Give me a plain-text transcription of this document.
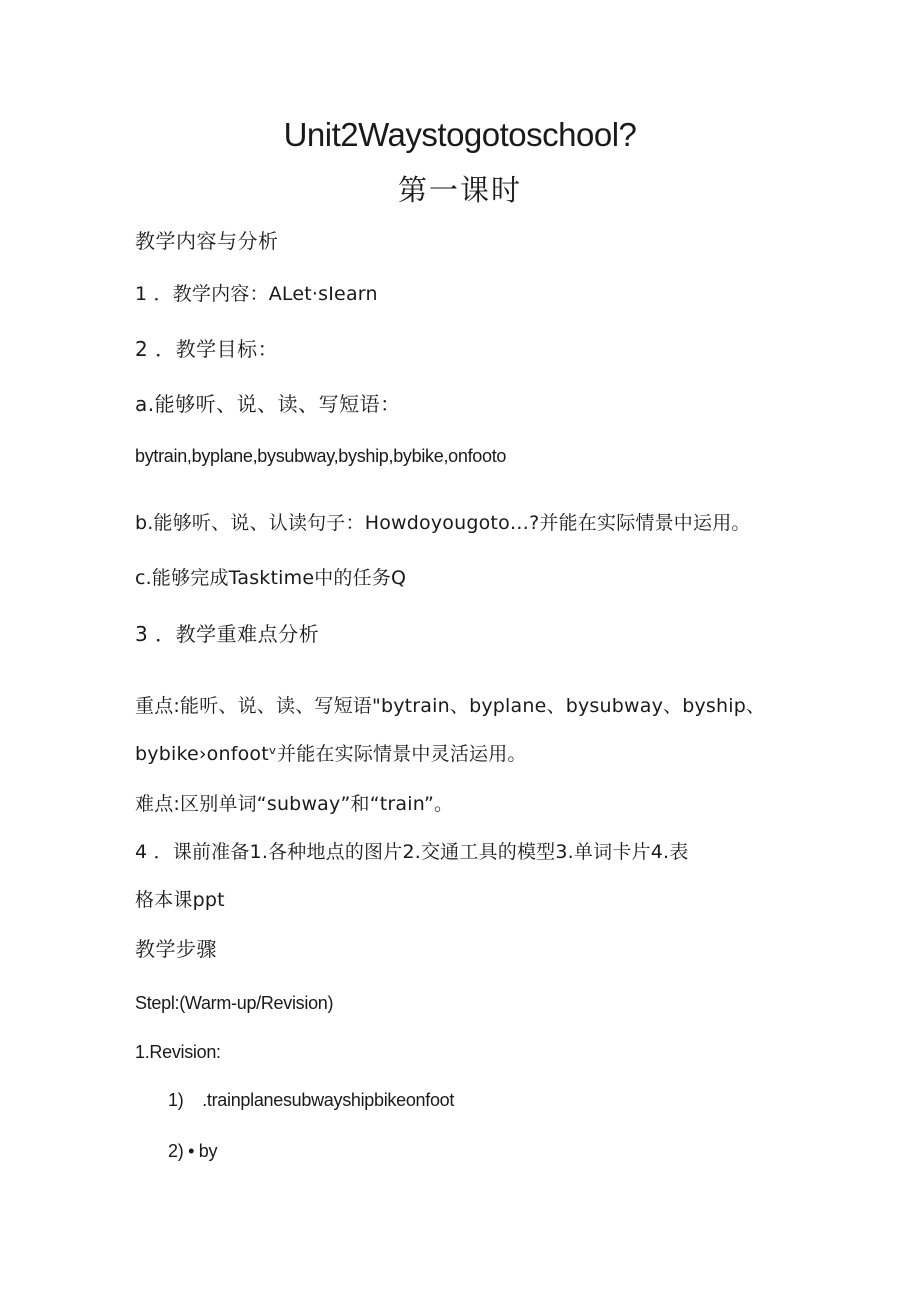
Unit2Waystogotoschool?
第一课时
教学内容与分析
1 ．教学内容：ALet·sIearn
2 ．教学目标：
a.能够听、说、读、写短语：
bytrain,byplane,bysubway,byship,bybike,onfooto
b.能够听、说、认读句子：Howdoyougoto…?并能在实际情景中运用。
c.能够完成Tasktime中的任务Q
3 ．教学重难点分析
重点:能听、说、读、写短语"bytrain、byplane、bysubway、byship、
bybike›onfootᵛ并能在实际情景中灵活运用。
难点:区别单词“subway”和“train”。
4 ．课前准备1.各种地点的图片2.交通工具的模型3.单词卡片4.表
格本课ppt
教学步骤
Stepl:(Warm-up/Revision)
1.Revision:
1)    .trainplanesubwayshipbikeonfoot
2) • by
